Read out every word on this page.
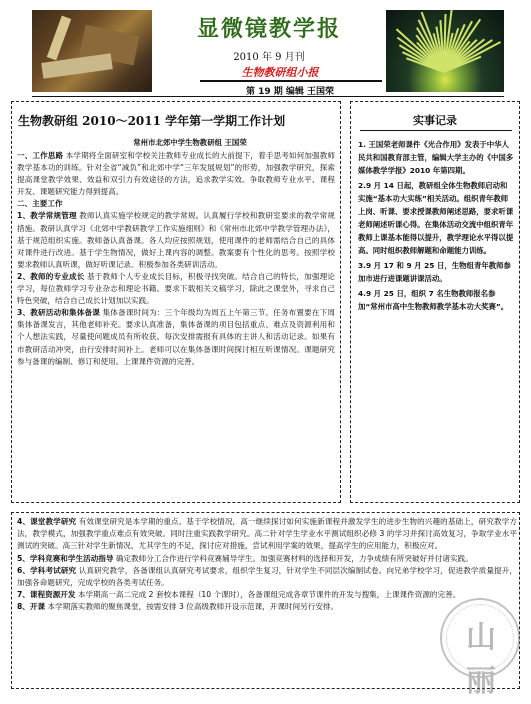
显微镜教学报
2010 年 9 月刊
生物教研组小报
第 19 期 编辑 王国荣
生物教研组 2010～2011 学年第一学期工作计划
常州市北郊中学生物教研组 王国荣

一、工作思路 本学期将全面研室和学校关注教师专业成长的大前提下，着手思考如何加强教师教学基本功的训练。针对全省“减负”和北郊中学“三年发展规划”的形势，加强教学研究，探索提高课堂教学效果、效益和双引力有效途径的方法，追求教学实效。争取教师专业水平、课程开发、课题研究能力得到提高。

二、主要工作

1、教学常规管理 教师认真实施学校规定的教学常规。认真履行学校和教研室要求的教学常规措施。教研认真学习《北郊中学教研教学工作实施细则》和《常州市北郊中学教学管理办法》，基于规范组织实施。教师备认真备课。各人均应按照规划，使用课件的老师需结合自己的具体对课件进行改进。基于学生物情况，做好上课内容的调整。教案要有个性化的思考。按照学校要求教师认真听课，做好听课记录。积极参加各类研训活动。

2、教师的专业成长 基于教师个人专业成长目标，积极寻找突破。结合自己的特长，加强理论学习，每位教师学习专业杂志和理论书籍。要求下载相关文稿学习，除此之课堂外，寻求自己特色突破，结合自己成长计划加以实践。

3、教研活动和集体备课 集体备课时间为：三个年级均为周五上午第三节。任务布置要在下周集体备课发言，其他老师补充。要求认真准备，集体备课的项目包括重点、难点及资源利用和个人想法实践，尽量使问题成员有所收获。每次安排需报有具体的主讲人和活动记录。如果有市教研活动冲突，由行安排时间补上。老师可以在集体备课时间探讨相互听课情况。课题研究参与备课的编制、修订和使用。上课课件资源的完善。

实事记录

1. 王国荣老师课件《光合作用》发表于中华人民共和国教育部主管，编辑大学主办的《中国多媒体教学学报》2010 年第四期。

2.9 月 14 日起，教研组全体生物教师启动和实施“基本功大实练”相关活动。组织青年教师上岗、听课、要求授课教师阐述思路，要求听课老师阐述听课心得。在集体活动交流中组织青年教师上课基本能得以提升，教学理论水平得以提高。同时组织教师解题和命题能力训练。

3.9 月 17 和 9 月 25 日，生物组青年教师参加市进行进课题讲课活动。

4.9 月 25 日，组织 7 名生物教师报名参加“常州市高中生物教师教学基本功大奖赛”。

4、课堂教学研究 有效课堂研究是本学期的重点。基于学校情况，高一继续探讨如何实施新课程并激发学生的进步生物的兴趣的基础上，研究教学方法，教学模式，加强教学重点难点有效突破。同时注重实践教学研究。高二针对学生学业水平测试组织必修 3 的学习并探讨高效复习，争取学业水平测试的突破。高三针对学生新情况，尤其学生的不足，探讨应对措施，尝试利用学案的效果，提高学生的应用能力，积极应对。

5、学科竞赛和学生活动指导 确定教师分工合作进行学科竞赛辅导学生。加强竞赛材料的选择和开发，力争成绩有所突破好并付诸实践。

6、学科考试研究 认真研究教学，各备课组认真研究考试要求，组织学生复习，针对学生不同层次编制试卷。向兄弟学校学习，促进教学质量提升，加强各命题研究，完成学校的各类考试任务。

7、课程资源开发 本学期高一高二完成 2 套校本课程（10 个课时），各备课组完成各章节课件的开发与搜集，上课课件资源的完善。

8、开课 本学期落实教师的聚焦课堂，按需安排 3 位高级教师开设示范课，开课时间另行安排。

山丽
